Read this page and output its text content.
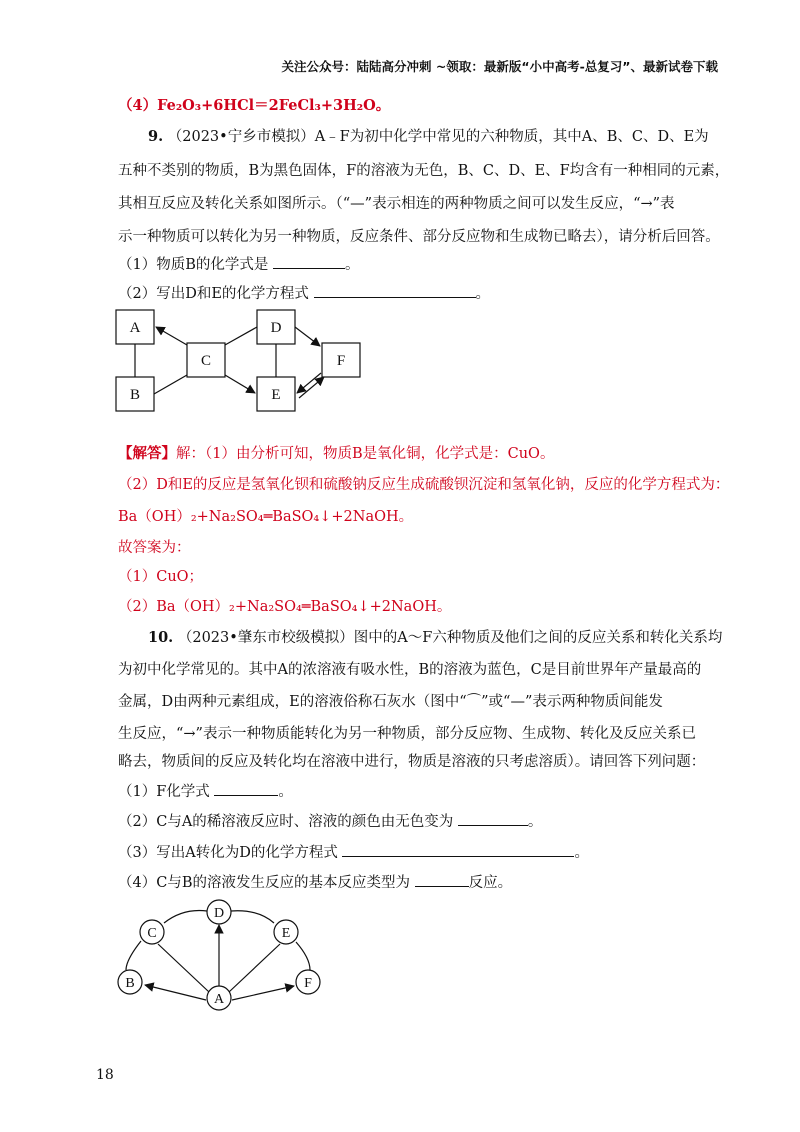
关注公众号：陆陆高分冲刺 ~领取：最新版“小中高考-总复习”、最新试卷下载
（4）Fe₂O₃+6HCl＝2FeCl₃+3H₂O。
9. （2023•宁乡市模拟）A﹣F为初中化学中常见的六种物质，其中A、B、C、D、E为
五种不类别的物质，B为黑色固体，F的溶液为无色，B、C、D、E、F均含有一种相同的元素，
其相互反应及转化关系如图所示。（“—”表示相连的两种物质之间可以发生反应，“→”表
示一种物质可以转化为另一种物质，反应条件、部分反应物和生成物已略去），请分析后回答。
（1）物质B的化学式是	。
（2）写出D和E的化学方程式	。
A
B
C
D
E
F
【解答】解：（1）由分析可知，物质B是氧化铜，化学式是：CuO。
（2）D和E的反应是氢氧化钡和硫酸钠反应生成硫酸钡沉淀和氢氧化钠，反应的化学方程式为：
Ba（OH）₂+Na₂SO₄═BaSO₄↓+2NaOH。
故答案为：
（1）CuO；
（2）Ba（OH）₂+Na₂SO₄═BaSO₄↓+2NaOH。
10. （2023•肇东市校级模拟）图中的A～F六种物质及他们之间的反应关系和转化关系均
为初中化学常见的。其中A的浓溶液有吸水性，B的溶液为蓝色，C是目前世界年产量最高的
金属，D由两种元素组成，E的溶液俗称石灰水（图中“⌒”或“—”表示两种物质间能发
生反应，“→”表示一种物质能转化为另一种物质，部分反应物、生成物、转化及反应关系已
略去，物质间的反应及转化均在溶液中进行，物质是溶液的只考虑溶质）。请回答下列问题：
（1）F化学式	。
（2）C与A的稀溶液反应时、溶液的颜色由无色变为	。
（3）写出A转化为D的化学方程式	。
（4）C与B的溶液发生反应的基本反应类型为	反应。
D
C	E
B	F
A
18
